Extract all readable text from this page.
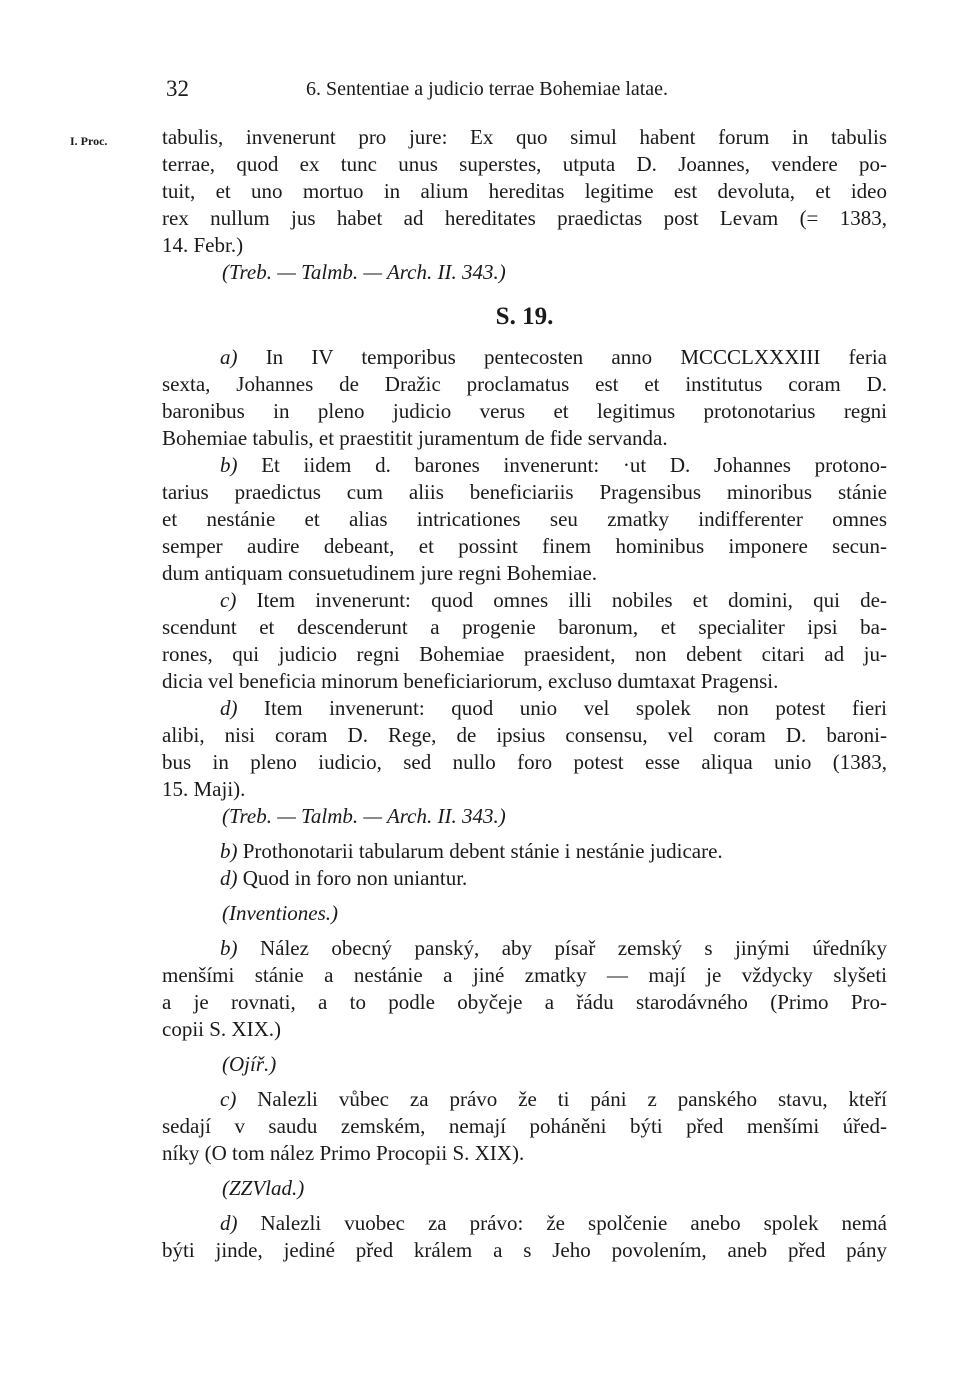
32	6. Sententiae a judicio terrae Bohemiae latae.
I. Proc.	tabulis, invenerunt pro jure: Ex quo simul habent forum in tabulis

terrae, quod ex tunc unus superstes, utputa D. Joannes, vendere po-

tuit, et uno mortuo in alium hereditas legitime est devoluta, et ideo

rex nullum jus habet ad hereditates praedictas post Levam (= 1383,

14. Febr.)

(Treb. — Talmb. — Arch. II. 343.)

S. 19.

a) In IV temporibus pentecosten anno MCCCLXXXIII feria

sexta, Johannes de Dražic proclamatus est et institutus coram D.

baronibus in pleno judicio verus et legitimus protonotarius regni

Bohemiae tabulis, et praestitit juramentum de fide servanda.

b) Et iidem d. barones invenerunt: ·ut D. Johannes protono-

tarius praedictus cum aliis beneficiariis Pragensibus minoribus stánie

et nestánie et alias intricationes seu zmatky indifferenter omnes

semper audire debeant, et possint finem hominibus imponere secun-

dum antiquam consuetudinem jure regni Bohemiae.

c) Item invenerunt: quod omnes illi nobiles et domini, qui de-

scendunt et descenderunt a progenie baronum, et specialiter ipsi ba-

rones, qui judicio regni Bohemiae praesident, non debent citari ad ju-

dicia vel beneficia minorum beneficiariorum, excluso dumtaxat Pragensi.

d) Item invenerunt: quod unio vel spolek non potest fieri

alibi, nisi coram D. Rege, de ipsius consensu, vel coram D. baroni-

bus in pleno iudicio, sed nullo foro potest esse aliqua unio (1383,

15. Maji).

(Treb. — Talmb. — Arch. II. 343.)

b) Prothonotarii tabularum debent stánie i nestánie judicare.

d) Quod in foro non uniantur.

(Inventiones.)

b) Nález obecný panský, aby písař zemský s jinými úředníky

menšími stánie a nestánie a jiné zmatky — mají je vždycky slyšeti

a je rovnati, a to podle obyčeje a řádu starodávného (Primo Pro-

copii S. XIX.)

(Ojíř.)

c) Nalezli vůbec za právo že ti páni z panského stavu, kteří

sedají v saudu zemském, nemají poháněni býti před menšími úřed-

níky (O tom nález Primo Procopii S. XIX).

(ZZVlad.)

d) Nalezli vuobec za právo: že spolčenie anebo spolek nemá

býti jinde, jediné před králem a s Jeho povolením, aneb před pány
